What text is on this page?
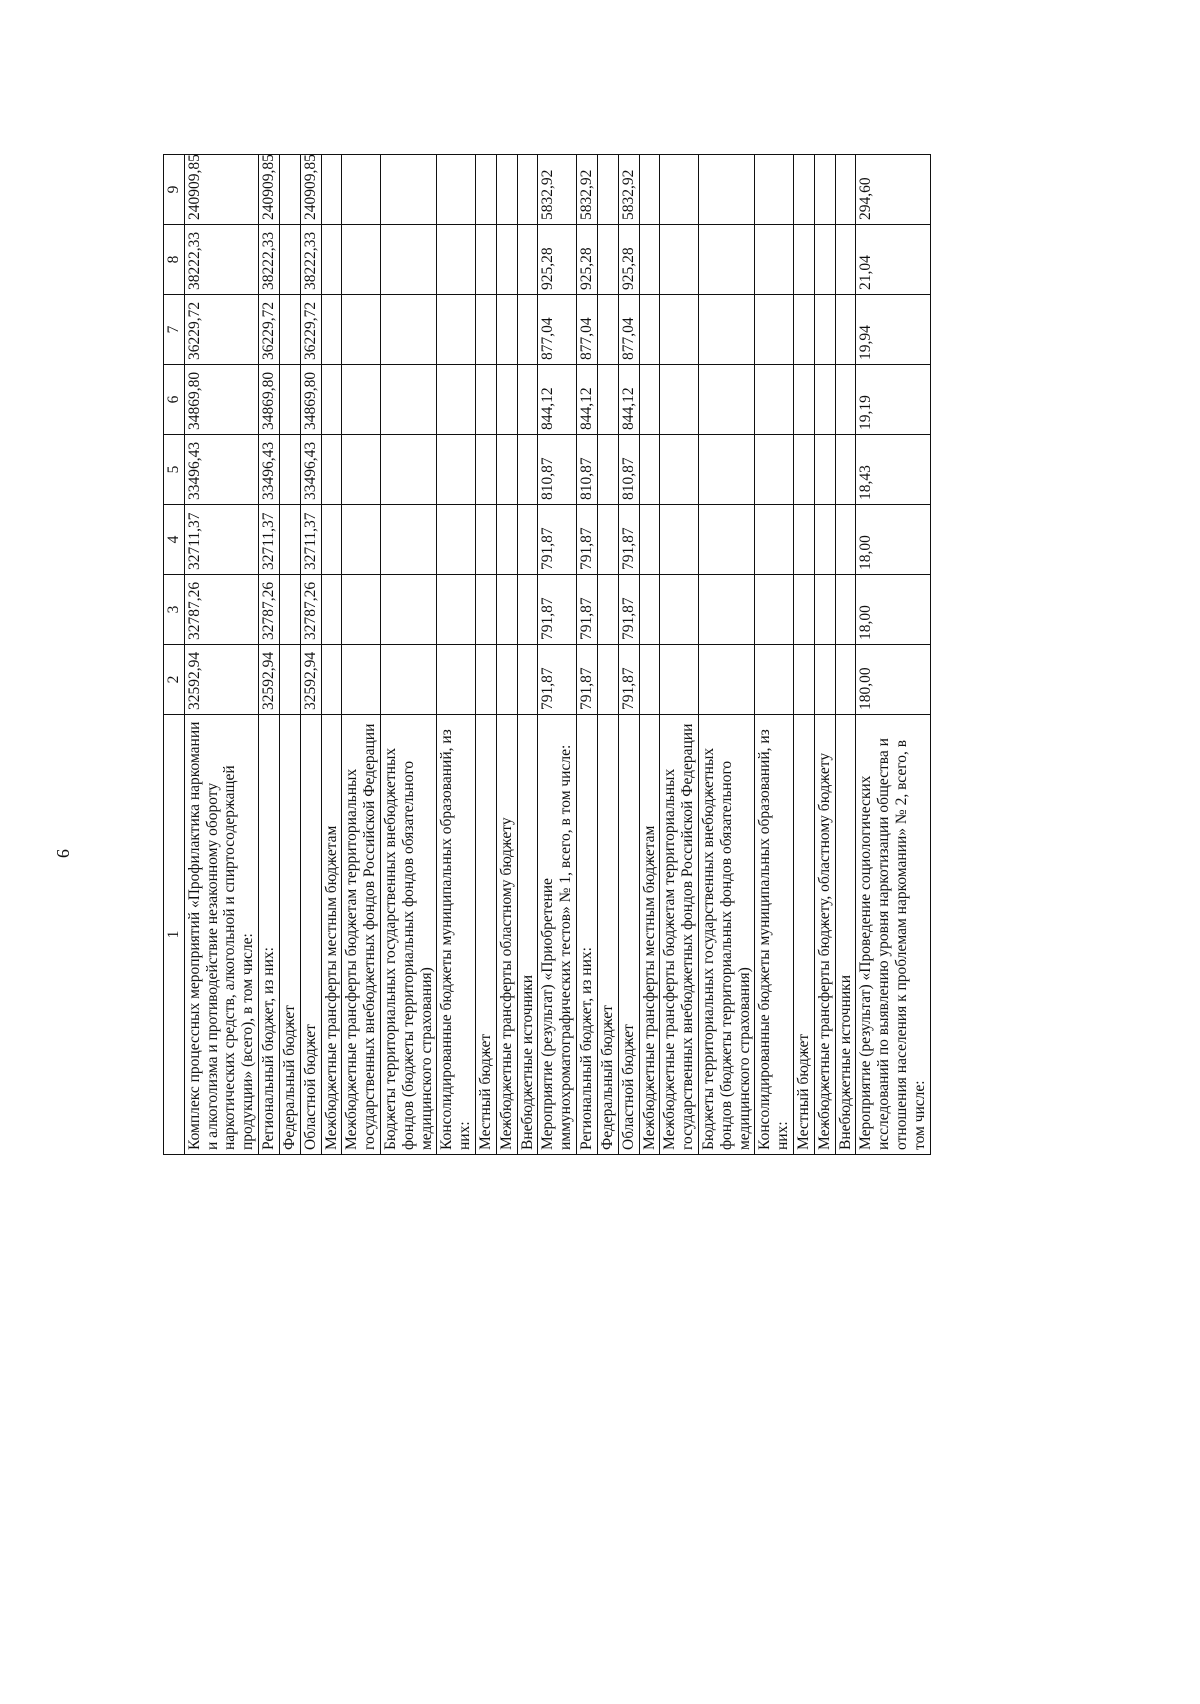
9
1	2	3	4	5	6	7	8	9
Комплекс процессных мероприятий «Профилактика наркомании и алкоголизма и противодействие незаконному обороту наркотических средств, алкогольной и спиртосодержащей продукции» (всего), в том числе:	32592,94	32787,26	32711,37	33496,43	34869,80	36229,72	38222,33	240909,85
Региональный бюджет, из них:	32592,94	32787,26	32711,37	33496,43	34869,80	36229,72	38222,33	240909,85
Федеральный бюджет								
Областной бюджет	32592,94	32787,26	32711,37	33496,43	34869,80	36229,72	38222,33	240909,85
Межбюджетные трансферты местным бюджетам								
Межбюджетные трансферты бюджетам территориальных государственных внебюджетных фондов Российской Федерации								
Бюджеты территориальных государственных внебюджетных фондов (бюджеты территориальных фондов обязательного медицинского страхования)								
Консолидированные бюджеты муниципальных образований, из них:								
Местный бюджет								
Межбюджетные трансферты областному бюджету								
Внебюджетные источники								
Мероприятие (результат) «Приобретение иммунохроматографических тестов» № 1, всего, в том числе:	791,87	791,87	791,87	810,87	844,12	877,04	925,28	5832,92
Региональный бюджет, из них:	791,87	791,87	791,87	810,87	844,12	877,04	925,28	5832,92
Федеральный бюджет								
Областной бюджет	791,87	791,87	791,87	810,87	844,12	877,04	925,28	5832,92
Межбюджетные трансферты местным бюджетам								
Межбюджетные трансферты бюджетам территориальных государственных внебюджетных фондов Российской Федерации								
Бюджеты территориальных государственных внебюджетных фондов (бюджеты территориальных фондов обязательного медицинского страхования)								
Консолидированные бюджеты муниципальных образований, из них:								
Местный бюджет								
Межбюджетные трансферты бюджету, областному бюджету								
Внебюджетные источники								
Мероприятие (результат) «Проведение социологических исследований по выявлению уровня наркотизации общества и отношения населения к проблемам наркомании» № 2, всего, в том числе:	180,00	18,00	18,00	18,43	19,19	19,94	21,04	294,60
